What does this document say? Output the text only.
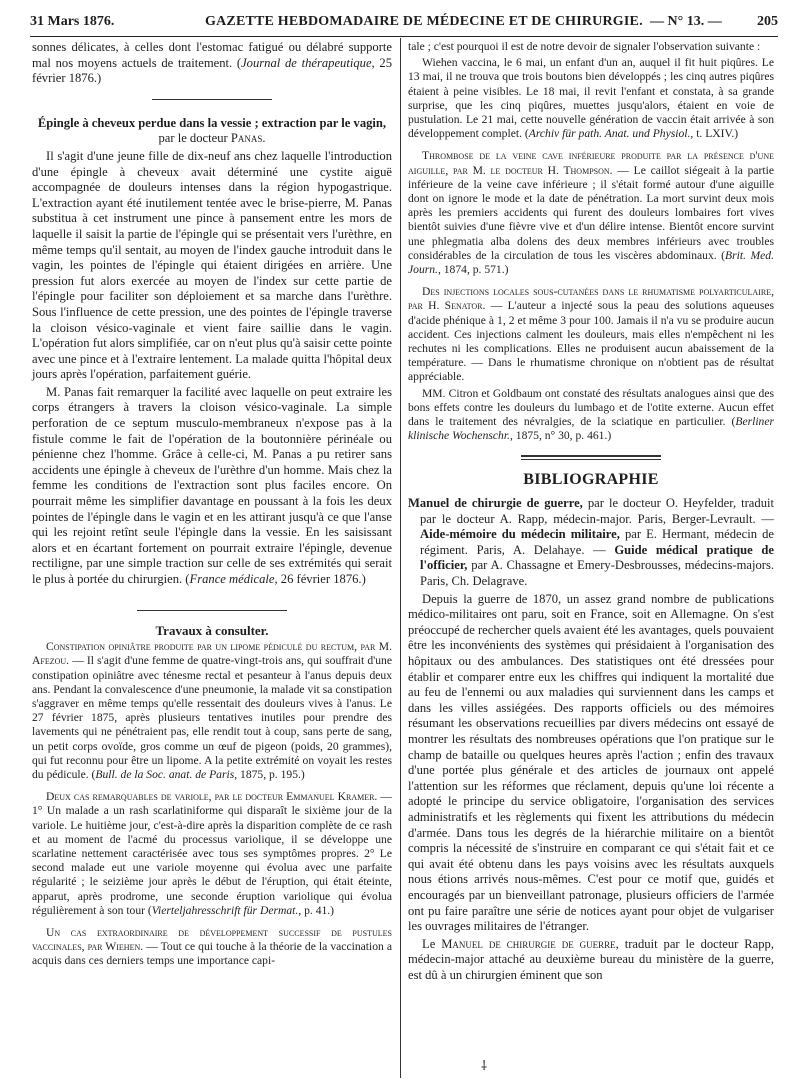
31 Mars 1876.	GAZETTE HEBDOMADAIRE DE MÉDECINE ET DE CHIRURGIE. — N° 13. —	205

sonnes délicates, à celles dont l'estomac fatigué ou délabré supporte mal nos moyens actuels de traitement. (Journal de thérapeutique, 25 février 1876.)

Épingle à cheveux perdue dans la vessie ; extraction par le vagin, par le docteur Panas.

Il s'agit d'une jeune fille de dix-neuf ans chez laquelle l'introduction d'une épingle à cheveux avait déterminé une cystite aiguë accompagnée de douleurs intenses dans la région hypogastrique. L'extraction ayant été inutilement tentée avec le brise-pierre, M. Panas substitua à cet instrument une pince à pansement entre les mors de laquelle il saisit la partie de l'épingle qui se présentait vers l'urèthre, en même temps qu'il sentait, au moyen de l'index gauche introduit dans le vagin, les pointes de l'épingle qui étaient dirigées en arrière. Une pression fut alors exercée au moyen de l'index sur cette partie de l'épingle pour faciliter son déploiement et sa marche dans l'urèthre. Sous l'influence de cette pression, une des pointes de l'épingle traverse la cloison vésico-vaginale et vient faire saillie dans le vagin. L'opération fut alors simplifiée, car on n'eut plus qu'à saisir cette pointe avec une pince et à l'extraire lentement. La malade quitta l'hôpital deux jours après l'opération, parfaitement guérie.

M. Panas fait remarquer la facilité avec laquelle on peut extraire les corps étrangers à travers la cloison vésico-vaginale. La simple perforation de ce septum musculo-membraneux n'expose pas à la fistule comme le fait de l'opération de la boutonnière périnéale ou pénienne chez l'homme. Grâce à celle-ci, M. Panas a pu retirer sans accidents une épingle à cheveux de l'urèthre d'un homme. Mais chez la femme les conditions de l'extraction sont plus faciles encore. On pourrait même les simplifier davantage en poussant à la fois les deux pointes de l'épingle dans le vagin et en les attirant jusqu'à ce que l'anse qui les rejoint retînt seule l'épingle dans la vessie. En les saisissant alors et en écartant fortement on pourrait extraire l'épingle, devenue rectiligne, par une simple traction sur celle de ses extrémités qui serait le plus à portée du chirurgien. (France médicale, 26 février 1876.)

Travaux à consulter.

Constipation opiniâtre produite par un lipome pédiculé du rectum, par M. Afezou. — Il s'agit d'une femme de quatre-vingt-trois ans, qui souffrait d'une constipation opiniâtre avec ténesme rectal et pesanteur à l'anus depuis deux ans. Pendant la convalescence d'une pneumonie, la malade vit sa constipation s'aggraver en même temps qu'elle ressentait des douleurs vives à l'anus. Le 27 février 1875, après plusieurs tentatives inutiles pour prendre des lavements qui ne pénétraient pas, elle rendit tout à coup, sans perte de sang, un petit corps ovoïde, gros comme un œuf de pigeon (poids, 20 grammes), qui fut reconnu pour être un lipome. A la petite extrémité on voyait les restes du pédicule. (Bull. de la Soc. anat. de Paris, 1875, p. 195.)

Deux cas remarquables de variole, par le docteur Emmanuel Kramer. — 1° Un malade a un rash scarlatiniforme qui disparaît le sixième jour de la variole. Le huitième jour, c'est-à-dire après la disparition complète de ce rash et au moment de l'acmé du processus variolique, il se développe une scarlatine nettement caractérisée avec tous ses symptômes propres. 2° Le second malade eut une variole moyenne qui évolua avec une parfaite régularité ; le seizième jour après le début de l'éruption, qui était éteinte, apparut, après prodrome, une seconde éruption variolique qui évolua régulièrement à son tour (Vierteljahresschrift für Dermat., p. 41.)

Un cas extraordinaire de développement successif de pustules vaccinales, par Wiehen. — Tout ce qui touche à la théorie de la vaccination a acquis dans ces derniers temps une importance capi-

tale ; c'est pourquoi il est de notre devoir de signaler l'observation suivante :

Wiehen vaccina, le 6 mai, un enfant d'un an, auquel il fit huit piqûres. Le 13 mai, il ne trouva que trois boutons bien développés ; les cinq autres piqûres étaient à peine visibles. Le 18 mai, il revit l'enfant et constata, à sa grande surprise, que les cinq piqûres, muettes jusqu'alors, étaient en voie de pustulation. Le 21 mai, cette nouvelle génération de vaccin était arrivée à son développement complet. (Archiv für path. Anat. und Physiol., t. LXIV.)

Thrombose de la veine cave inférieure produite par la présence d'une aiguille, par M. le docteur H. Thompson. — Le caillot siégeait à la partie inférieure de la veine cave inférieure ; il s'était formé autour d'une aiguille dont on ignore le mode et la date de pénétration. La mort survint deux mois après les premiers accidents qui furent des douleurs lombaires fort vives bientôt suivies d'une fièvre vive et d'un délire intense. Bientôt encore survint une phlegmatia alba dolens des deux membres inférieurs avec troubles considérables de la circulation de tous les viscères abdominaux. (Brit. Med. Journ., 1874, p. 571.)

Des injections locales sous-cutanées dans le rhumatisme polyarticulaire, par H. Senator. — L'auteur a injecté sous la peau des solutions aqueuses d'acide phénique à 1, 2 et même 3 pour 100. Jamais il n'a vu se produire aucun accident. Ces injections calment les douleurs, mais elles n'empêchent ni les rechutes ni les complications. Elles ne produisent aucun abaissement de la température. — Dans le rhumatisme chronique on n'obtient pas de résultat appréciable.

MM. Citron et Goldbaum ont constaté des résultats analogues ainsi que des bons effets contre les douleurs du lumbago et de l'otite externe. Aucun effet dans le traitement des névralgies, de la sciatique en particulier. (Berliner klinische Wochenschr., 1875, n° 30, p. 461.)

BIBLIOGRAPHIE

Manuel de chirurgie de guerre, par le docteur O. Heyfelder, traduit par le docteur A. Rapp, médecin-major. Paris, Berger-Levrault. — Aide-mémoire du médecin militaire, par E. Hermant, médecin de régiment. Paris, A. Delahaye. — Guide médical pratique de l'officier, par A. Chassagne et Emery-Desbrousses, médecins-majors. Paris, Ch. Delagrave.

Depuis la guerre de 1870, un assez grand nombre de publications médico-militaires ont paru, soit en France, soit en Allemagne. On s'est préoccupé de rechercher quels avaient été les avantages, quels pouvaient être les inconvénients des systèmes qui présidaient à l'organisation des hôpitaux ou des ambulances. Des statistiques ont été dressées pour établir et comparer entre eux les chiffres qui indiquent la mortalité due au feu de l'ennemi ou aux maladies qui surviennent dans les camps et dans les villes assiégées. Des rapports officiels ou des mémoires résumant les observations recueillies par divers médecins ont essayé de montrer les résultats des nombreuses opérations que l'on pratique sur le champ de bataille ou quelques heures après l'action ; enfin des travaux d'une portée plus générale et des articles de journaux ont appelé l'attention sur les réformes que réclament, depuis qu'une loi récente a adopté le principe du service obligatoire, l'organisation des services administratifs et les règlements qui fixent les attributions du médecin d'armée. Dans tous les degrés de la hiérarchie militaire on a bientôt compris la nécessité de s'instruire en comparant ce qui s'était fait et ce qui avait été obtenu dans les pays voisins avec les résultats auxquels nous étions arrivés nous-mêmes. C'est pour ce motif que, guidés et encouragés par un bienveillant patronage, plusieurs officiers de l'armée ont pu faire paraître une série de notices ayant pour objet de vulgariser les ouvrages militaires de l'étranger.

Le Manuel de chirurgie de guerre, traduit par le docteur Rapp, médecin-major attaché au deuxième bureau du ministère de la guerre, est dû à un chirurgien éminent que son

⸸
